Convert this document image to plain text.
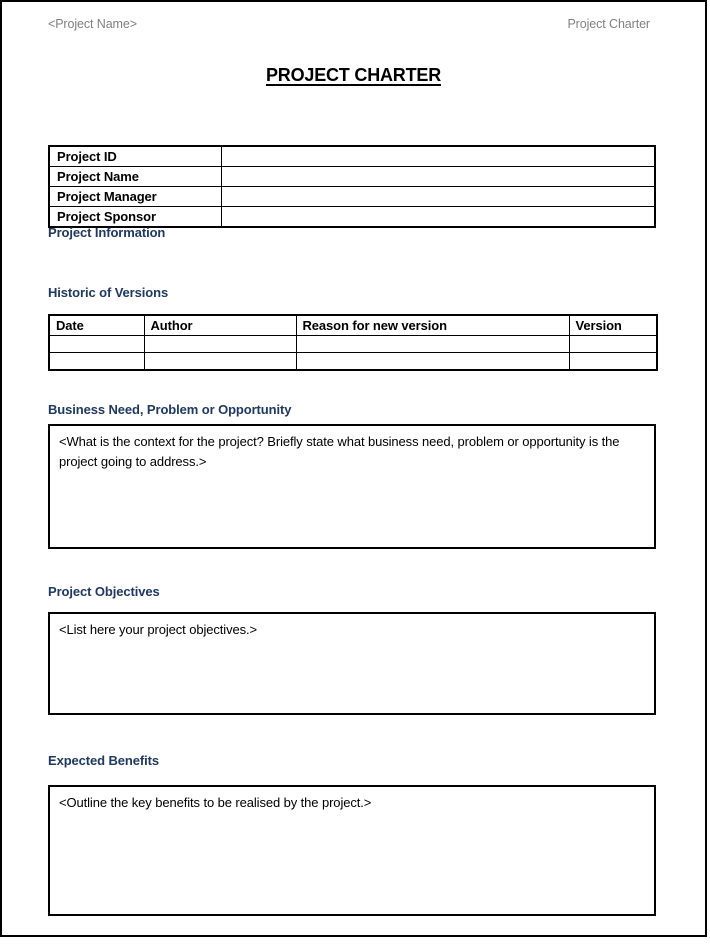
<Project Name>	Project Charter
PROJECT CHARTER
Project ID	
Project Name	
Project Manager	
Project Sponsor	
Project Information
Historic of Versions
Date	Author	Reason for new version	Version

Business Need, Problem or Opportunity
<What is the context for the project? Briefly state what business need, problem or opportunity is the project going to address.>
Project Objectives
<List here your project objectives.>
Expected Benefits
<Outline the key benefits to be realised by the project.>
